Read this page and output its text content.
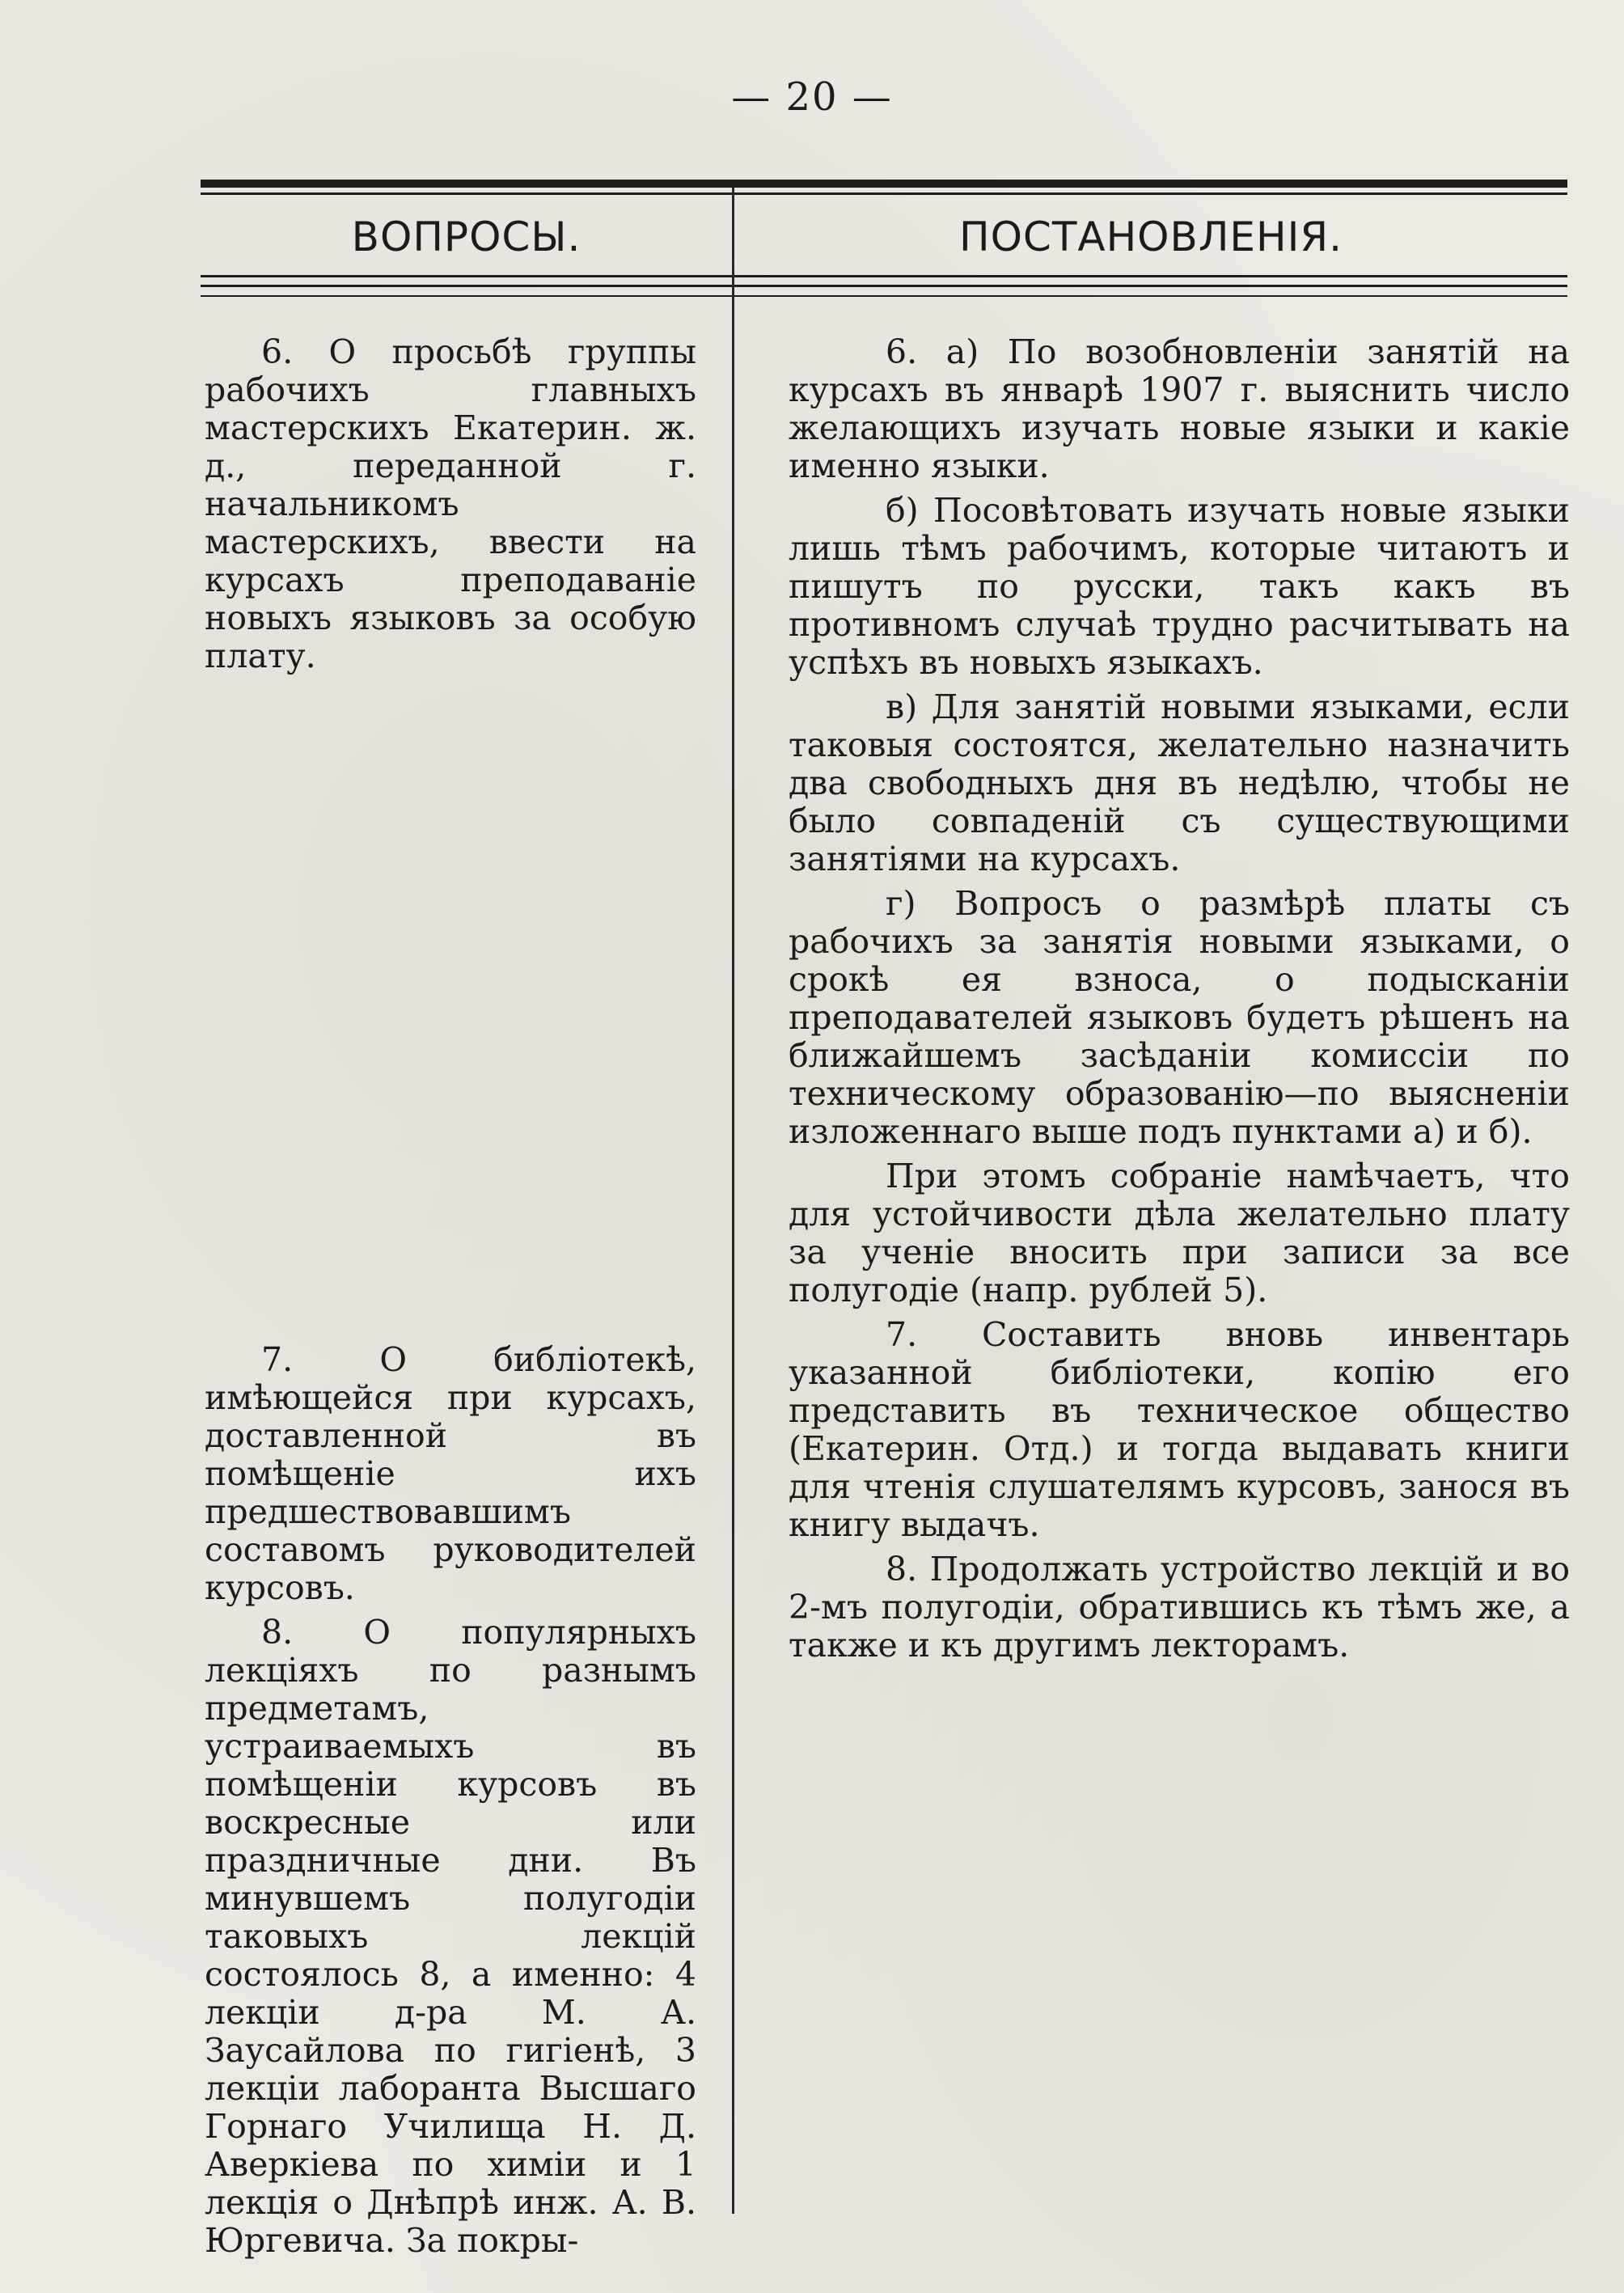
— 20 —
ВОПРОСЫ.	ПОСТАНОВЛЕНІЯ.

6. О просьбѣ группы рабочихъ главныхъ мастерскихъ Екатерин. ж. д., переданной г. начальникомъ мастерскихъ, ввести на курсахъ преподаваніе новыхъ языковъ за особую плату.

7. О библіотекѣ, имѣющейся при курсахъ, доставленной въ помѣщеніе ихъ предшествовавшимъ составомъ руководителей курсовъ.

8. О популярныхъ лекціяхъ по разнымъ предметамъ, устраиваемыхъ въ помѣщеніи курсовъ въ воскресные или праздничные дни. Въ минувшемъ полугодіи таковыхъ лекцій состоялось 8, а именно: 4 лекціи д-ра М. А. Заусайлова по гигіенѣ, 3 лекціи лаборанта Высшаго Горнаго Училища Н. Д. Аверкіева по химіи и 1 лекція о Днѣпрѣ инж. А. В. Юргевича. За покры-

6. а) По возобновленіи занятій на курсахъ въ январѣ 1907 г. выяснить число желающихъ изучать новые языки и какіе именно языки.

б) Посовѣтовать изучать новые языки лишь тѣмъ рабочимъ, которые читаютъ и пишутъ по русски, такъ какъ въ противномъ случаѣ трудно расчитывать на успѣхъ въ новыхъ языкахъ.

в) Для занятій новыми языками, если таковыя состоятся, желательно назначить два свободныхъ дня въ недѣлю, чтобы не было совпаденій съ существующими занятіями на курсахъ.

г) Вопросъ о размѣрѣ платы съ рабочихъ за занятія новыми языками, о срокѣ ея взноса, о подысканіи преподавателей языковъ будетъ рѣшенъ на ближайшемъ засѣданіи комиссіи по техническому образованію—по выясненіи изложеннаго выше подъ пунктами а) и б).

При этомъ собраніе намѣчаетъ, что для устойчивости дѣла желательно плату за ученіе вносить при записи за все полугодіе (напр. рублей 5).

7. Составить вновь инвентарь указанной библіотеки, копію его представить въ техническое общество (Екатерин. Отд.) и тогда выдавать книги для чтенія слушателямъ курсовъ, занося въ книгу выдачъ.

8. Продолжать устройство лекцій и во 2-мъ полугодіи, обратившись къ тѣмъ же, а также и къ другимъ лекторамъ.
